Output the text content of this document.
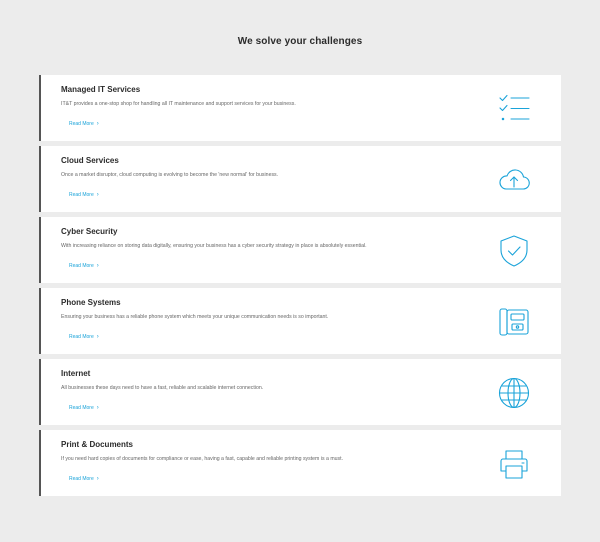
We solve your challenges
Managed IT Services
IT&T provides a one-stop shop for handling all IT maintenance and support services for your business.
Read More ›
Cloud Services
Once a market disruptor, cloud computing is evolving to become the 'new normal' for business.
Read More ›
Cyber Security
With increasing reliance on storing data digitally, ensuring your business has a cyber security strategy in place is absolutely essential.
Read More ›
Phone Systems
Ensuring your business has a reliable phone system which meets your unique communication needs is so important.
Read More ›
Internet
All businesses these days need to have a fast, reliable and scalable internet connection.
Read More ›
Print & Documents
If you need hard copies of documents for compliance or ease, having a fast, capable and reliable printing system is a must.
Read More ›
